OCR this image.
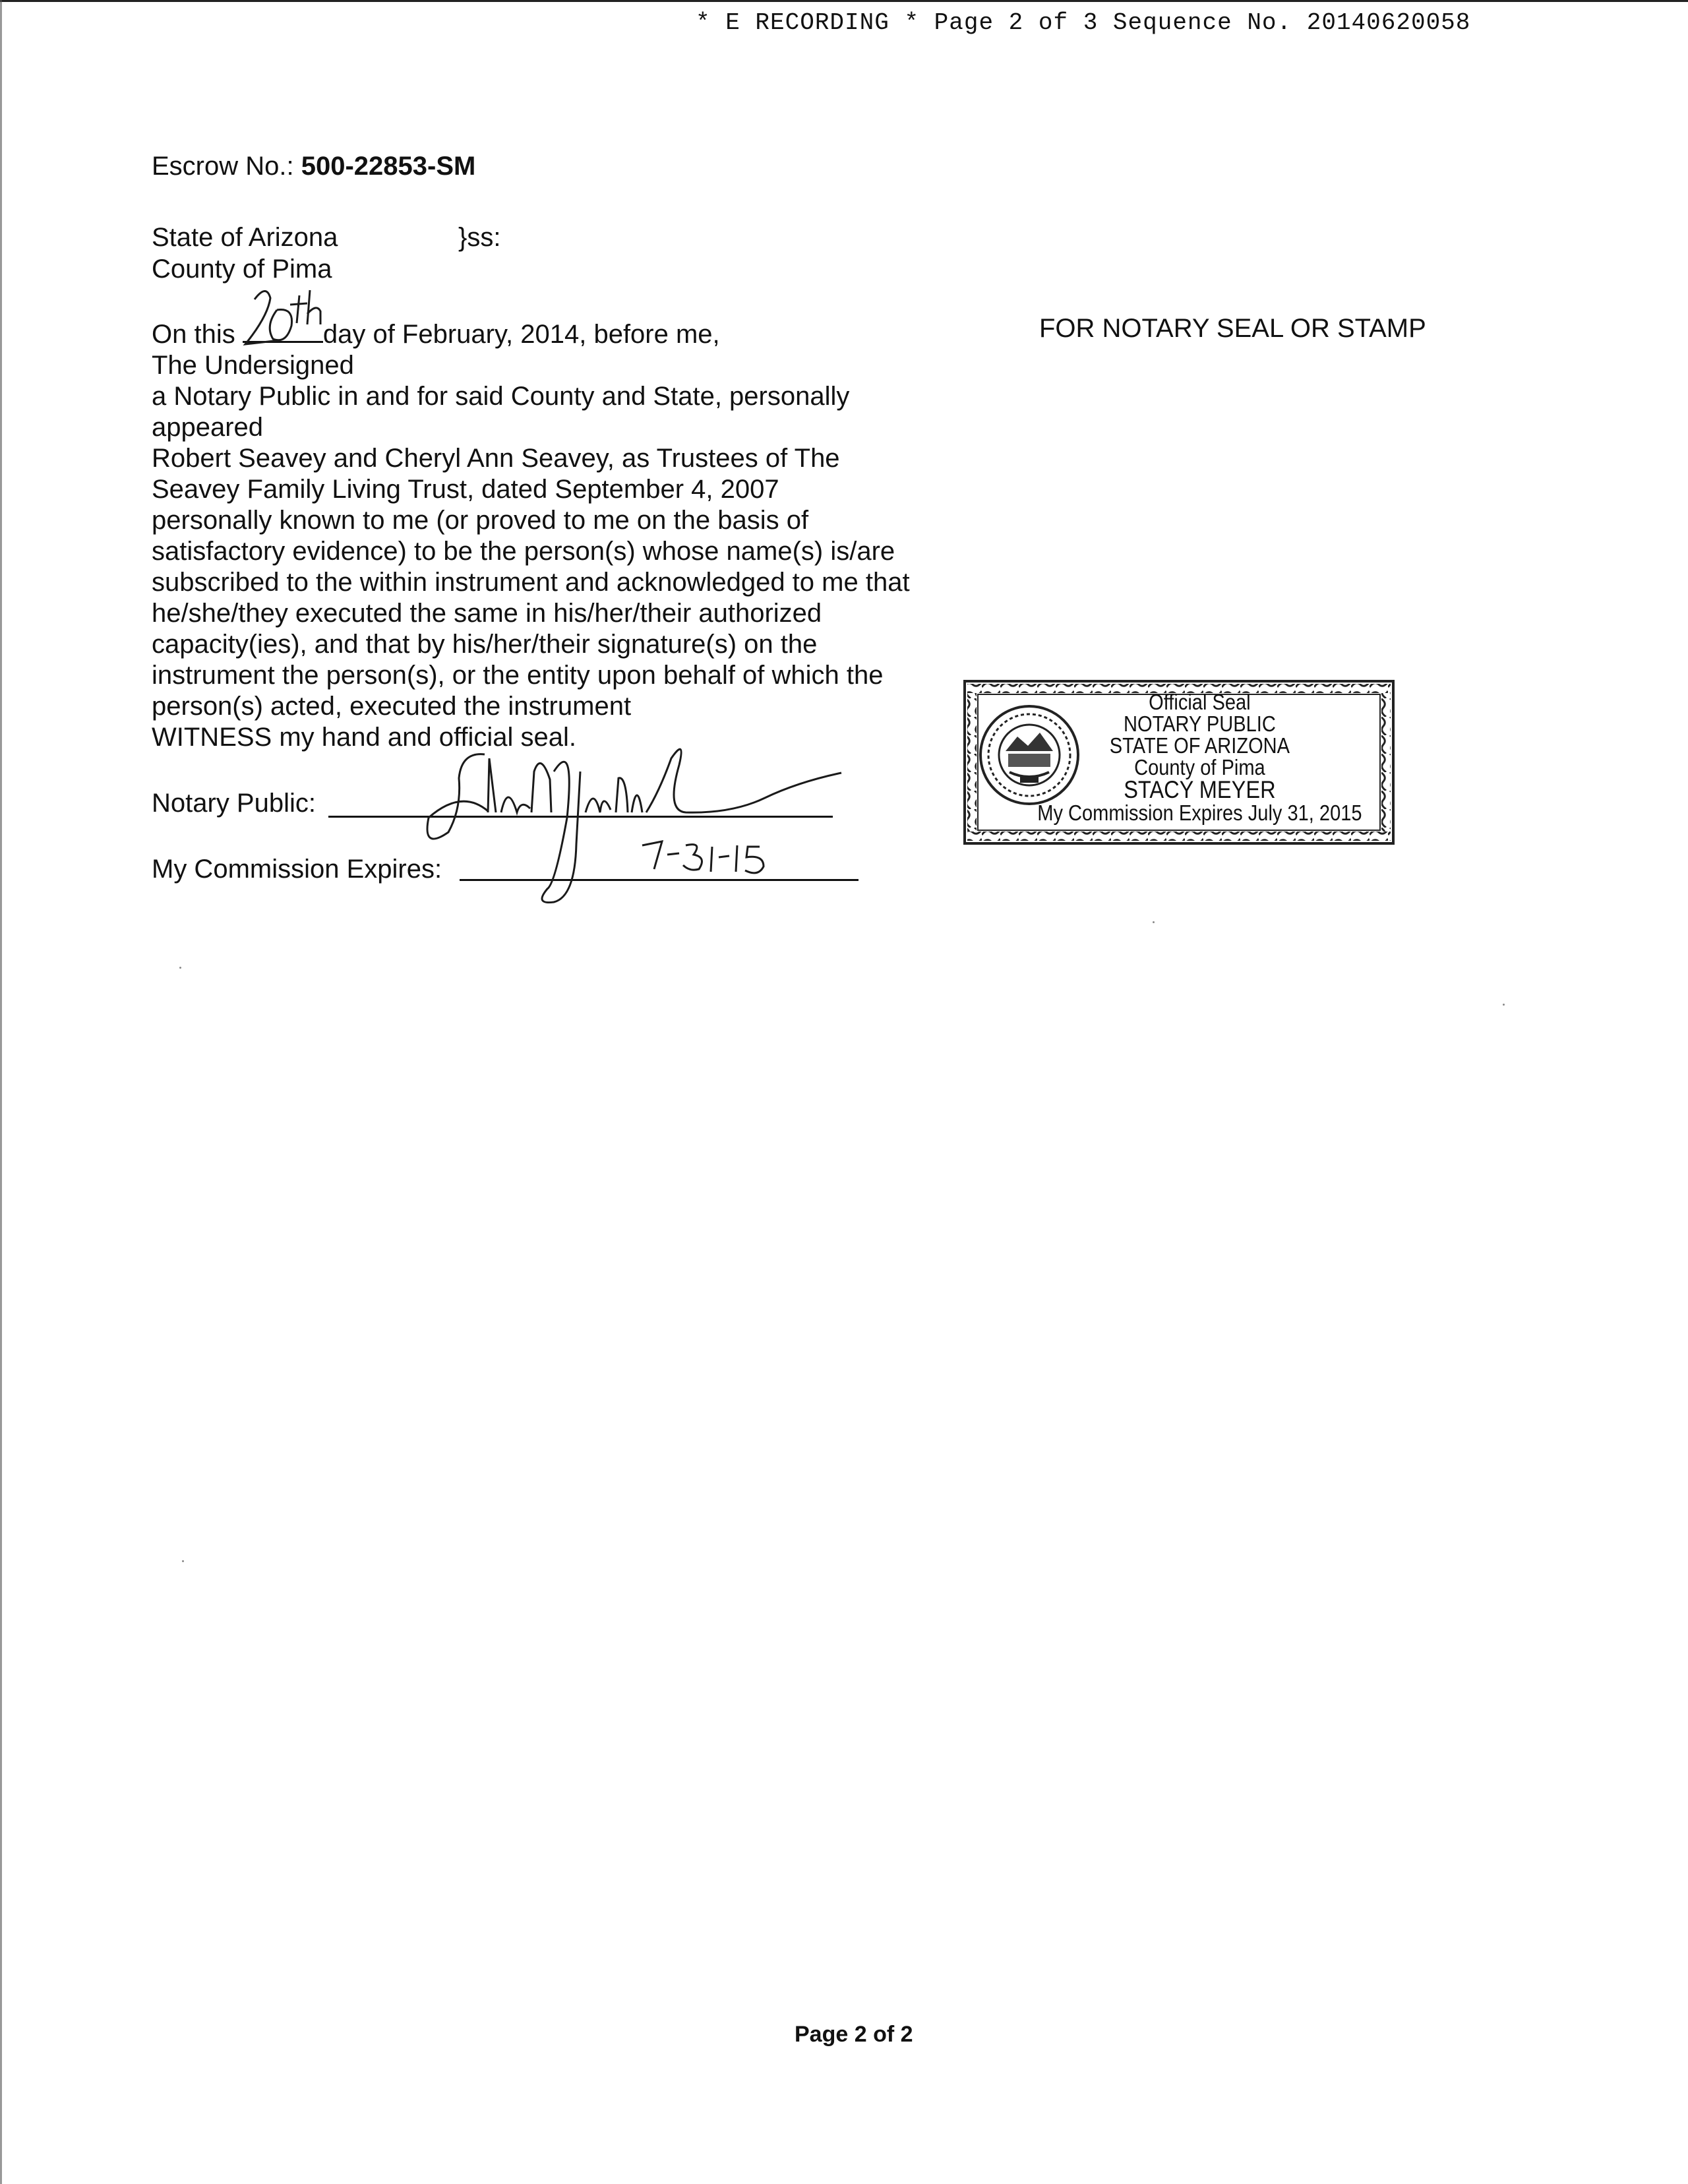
* E RECORDING * Page 2 of 3 Sequence No. 20140620058
Escrow No.: 500-22853-SM
State of Arizona	}ss:
County of Pima
On this	day of February, 2014, before me,
The Undersigned
a Notary Public in and for said County and State, personally
appeared
Robert Seavey and Cheryl Ann Seavey, as Trustees of The
Seavey Family Living Trust, dated September 4, 2007
personally known to me (or proved to me on the basis of
satisfactory evidence) to be the person(s) whose name(s) is/are
subscribed to the within instrument and acknowledged to me that
he/she/they executed the same in his/her/their authorized
capacity(ies), and that by his/her/their signature(s) on the
instrument the person(s), or the entity upon behalf of which the
person(s) acted, executed the instrument
WITNESS my hand and official seal.
Notary Public:
My Commission Expires:
FOR NOTARY SEAL OR STAMP
Official Seal
NOTARY PUBLIC
STATE OF ARIZONA
County of Pima
STACY MEYER
My Commission Expires July 31, 2015
Page 2 of 2
